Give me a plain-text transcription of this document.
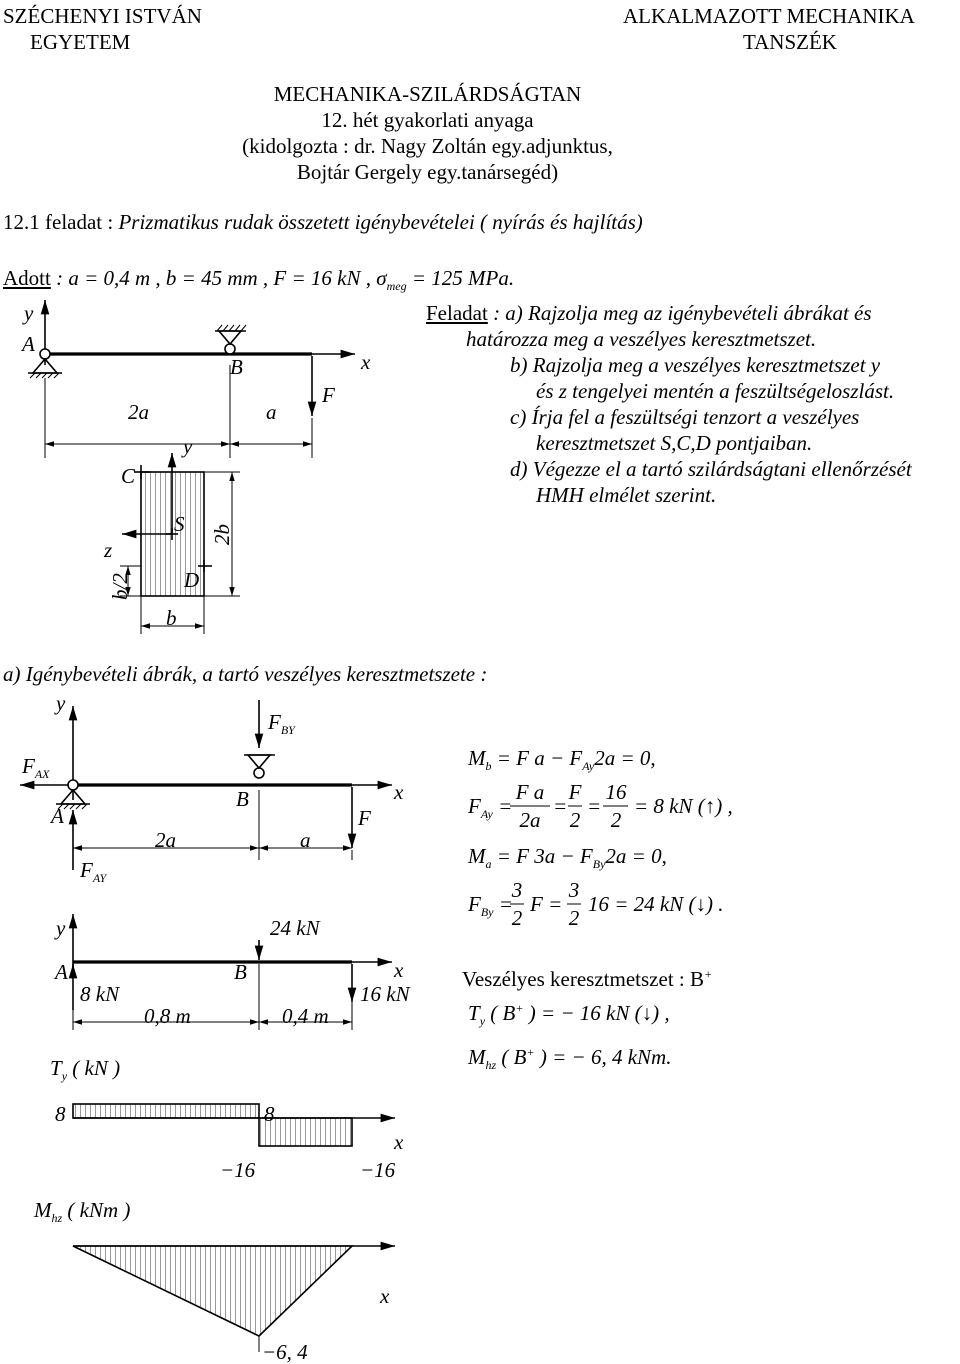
SZÉCHENYI ISTVÁN
EGYETEM
ALKALMAZOTT MECHANIKA
TANSZÉK
MECHANIKA-SZILÁRDSÁGTAN
12. hét gyakorlati anyaga
(kidolgozta : dr. Nagy Zoltán egy.adjunktus,
Bojtár Gergely egy.tanársegéd)
12.1 feladat : Prizmatikus rudak összetett igénybevételei ( nyírás és hajlítás)
Adott : a = 0,4 m , b = 45 mm , F = 16 kN , $\sigma_{meg} = 125$ MPa.
Feladat : a) Rajzolja meg az igénybevételi ábrákat és
határozza meg a veszélyes keresztmetszet.
b) Rajzolja meg a veszélyes keresztmetszet y
és z tengelyei mentén a feszültségeloszlást.
c) Írja fel a feszültségi tenzort a veszélyes
keresztmetszet S,C,D pontjaiban.
d) Végezze el a tartó szilárdságtani ellenőrzését
HMH elmélet szerint.
y
A
B	x
F
2a	a
y
C
S
z
2b
D
b/2
b
a) Igénybevételi ábrák, a tartó veszélyes keresztmetszete :
y
$F_{BY}$
$F_{AX}$
A
B	x
F
2a	a
$F_{AY}$
y	24 kN
A	B	x
8 kN	16 kN
0,8 m	0,4 m
$T_y$ ( kN )
8	8
x
−16	−16
$M_{hz}$ ( kNm )
x
−6, 4
$M_b = F$ $a - F_{Ay}2a = 0$,
$F_{Ay}$ =
F a
2a
=
F
2
=
16
2
= 8 kN (↑) ,
$M_a = F$ $3a - F_{By}2a = 0$,
$F_{By}$ =
3
2
F =
3
2
16 = 24 kN (↓) .
Veszélyes keresztmetszet : B+
$T_y$ ( B+ ) = − 16 kN (↓) ,
$M_{hz}$ ( B+ ) = − 6, 4 kNm.
